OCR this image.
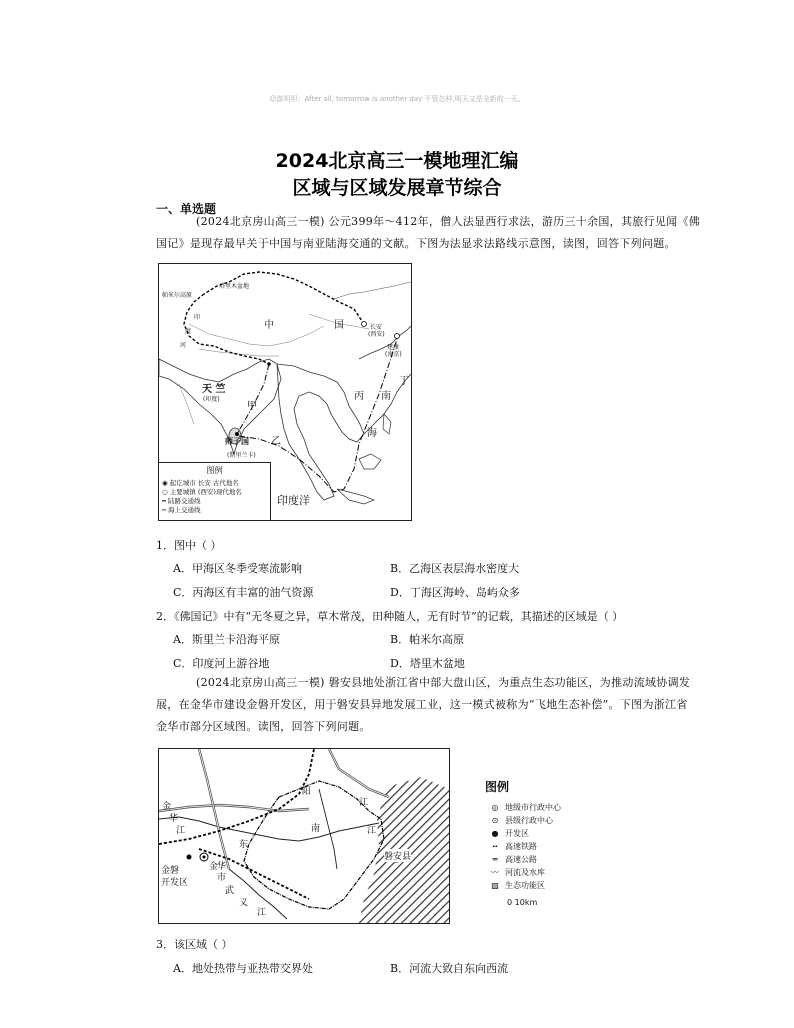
☺游坦坦：After all, tomorrow is another day 不管怎样,明天又是全新的一天。
2024北京高三一模地理汇编
区域与区域发展章节综合
一、单选题
(2024北京房山高三一模) 公元399年～412年，僧人法显西行求法，游历三十余国，其旅行见闻《佛
国记》是现存最早关于中国与南亚陆海交通的文献。下图为法显求法路线示意图，读图，回答下列问题。
帕米尔高原
塔里木盆地
中	国	长安
(西安)
建康
(南京)
天 竺
(印度)
甲
乙
丙
丁
南
海
师子国
(斯里兰卡)
印度洋
印
度
河
图例
◉ 起讫城市 长安 古代地名
○ 主要城镇 (西安)现代地名
━ 陆路交通线
╍ 海上交通线
1．图中（ ）
A．甲海区冬季受寒流影响	B．乙海区表层海水密度大
C．丙海区有丰富的油气资源	D．丁海区海岭、岛屿众多
2．《佛国记》中有“无冬夏之异，草木常茂，田种随人，无有时节”的记载，其描述的区域是（ ）
A．斯里兰卡沿海平原	B．帕米尔高原
C．印度河上游谷地	D．塔里木盆地
(2024北京房山高三一模) 磐安县地处浙江省中部大盘山区，为重点生态功能区，为推动流域协调发
展，在金华市建设金磐开发区，用于磐安县异地发展工业，这一模式被称为“飞地生态补偿”。下图为浙江省
金华市部分区域图。读图，回答下列问题。
金
华
江
金磐
开发区
金
华
市
东
阳
江
南	江
磐安县
武
义
江
图例
◎ 地级市行政中心
⊙ 县级行政中心
● 开发区
┅ 高速铁路
═ 高速公路
〰 河流及水库
▨ 生态功能区
0 10km
3．该区域（ ）
A．地处热带与亚热带交界处	B．河流大致自东向西流
